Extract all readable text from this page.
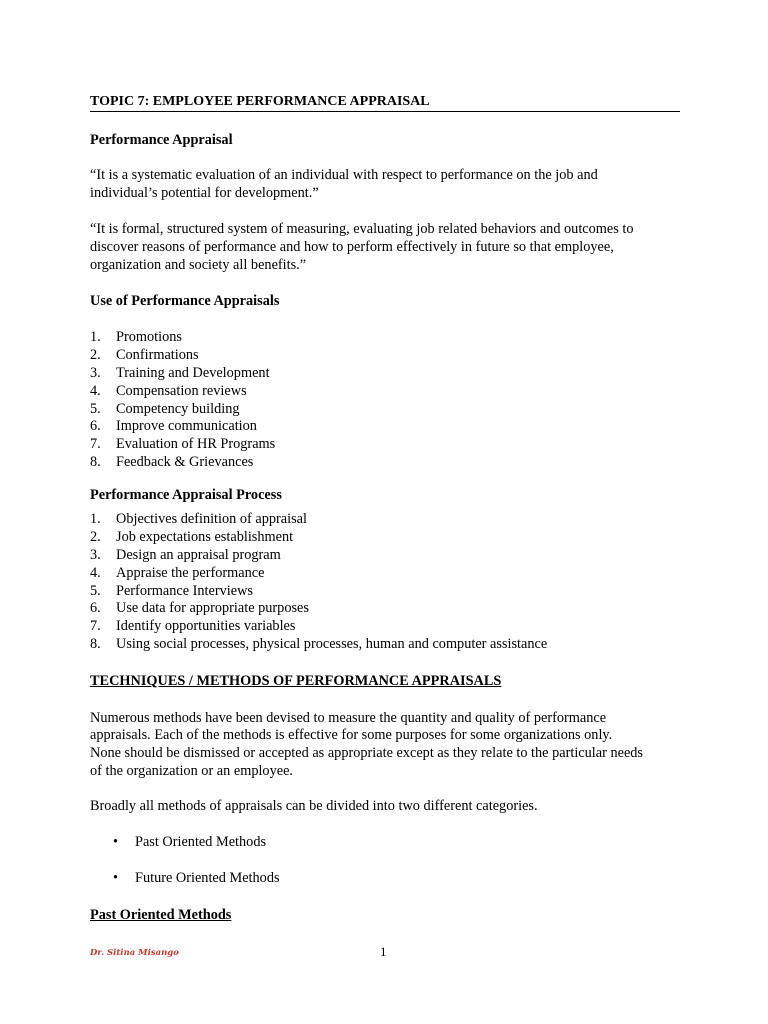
TOPIC 7: EMPLOYEE PERFORMANCE APPRAISAL
Performance Appraisal
“It is a systematic evaluation of an individual with respect to performance on the job and
individual’s potential for development.”
“It is formal, structured system of measuring, evaluating job related behaviors and outcomes to
discover reasons of performance and how to perform effectively in future so that employee,
organization and society all benefits.”
Use of Performance Appraisals
1. Promotions
2. Confirmations
3. Training and Development
4. Compensation reviews
5. Competency building
6. Improve communication
7. Evaluation of HR Programs
8. Feedback & Grievances
Performance Appraisal Process
1. Objectives definition of appraisal
2. Job expectations establishment
3. Design an appraisal program
4. Appraise the performance
5. Performance Interviews
6. Use data for appropriate purposes
7. Identify opportunities variables
8. Using social processes, physical processes, human and computer assistance
TECHNIQUES / METHODS OF PERFORMANCE APPRAISALS
Numerous methods have been devised to measure the quantity and quality of performance
appraisals. Each of the methods is effective for some purposes for some organizations only.
None should be dismissed or accepted as appropriate except as they relate to the particular needs
of the organization or an employee.
Broadly all methods of appraisals can be divided into two different categories.
• Past Oriented Methods
• Future Oriented Methods
Past Oriented Methods
Dr. Sitina Misango	1
